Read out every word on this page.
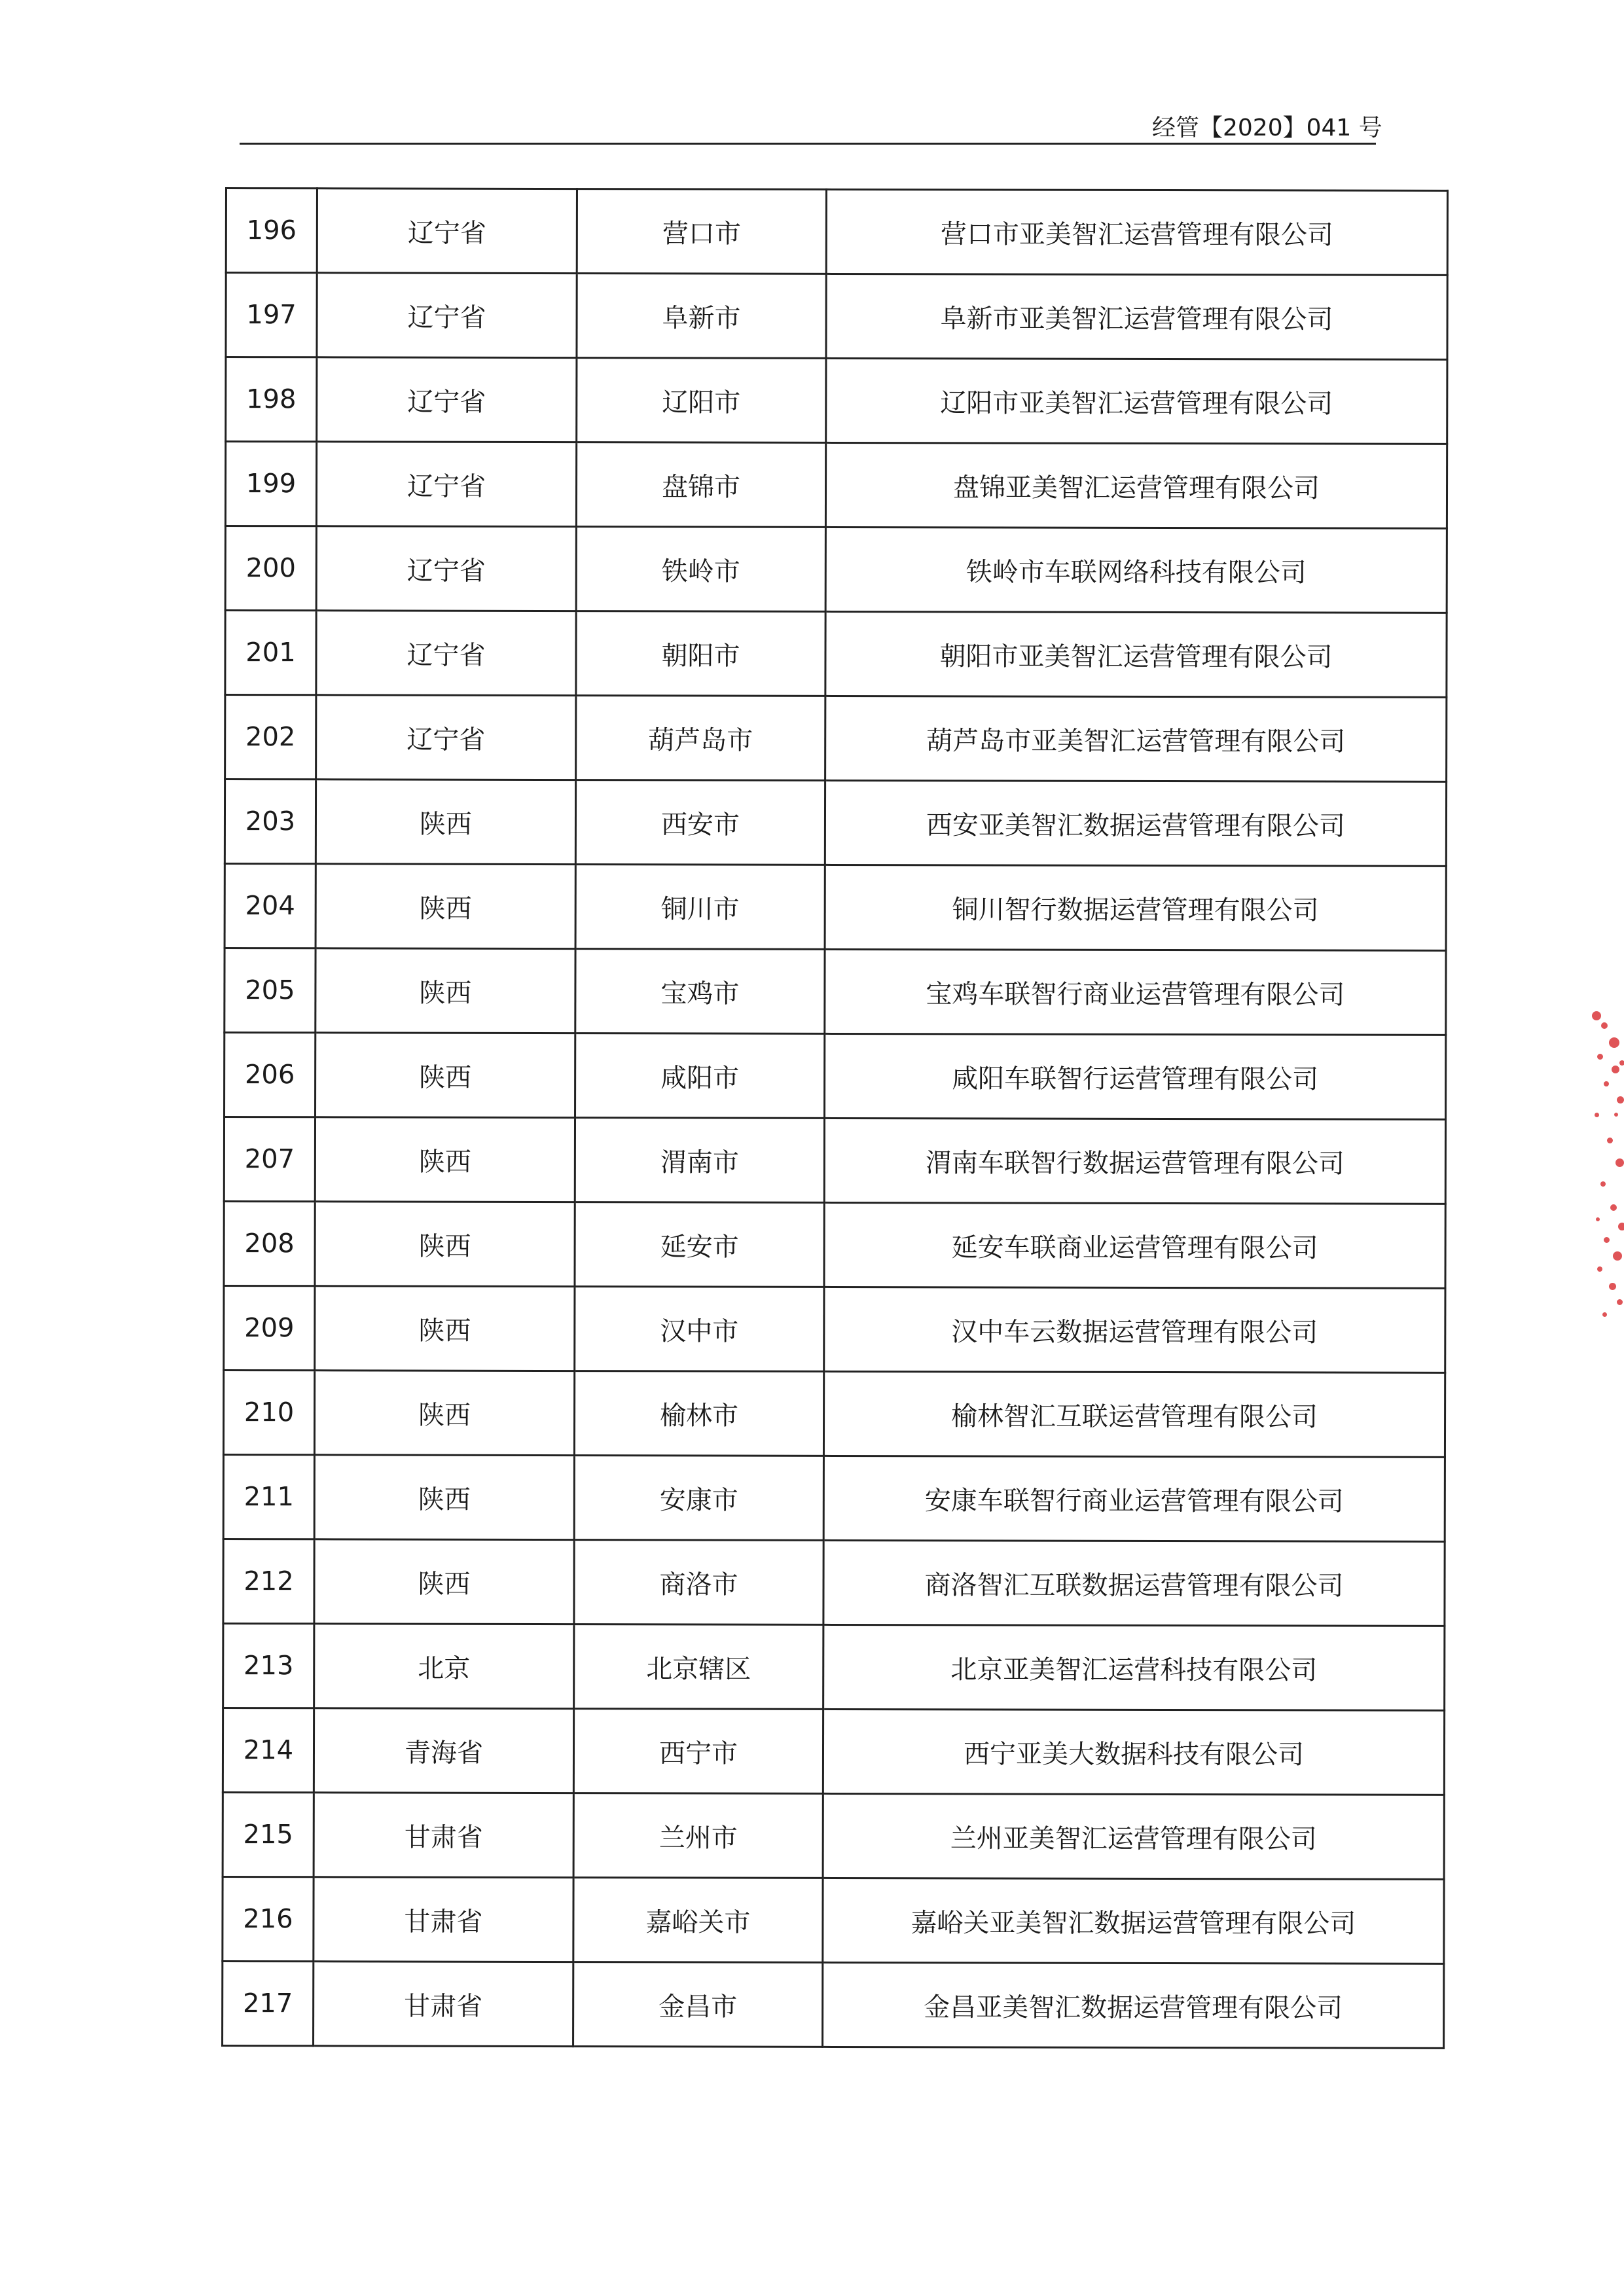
经管【2020】041 号
196	辽宁省	营口市	营口市亚美智汇运营管理有限公司
197	辽宁省	阜新市	阜新市亚美智汇运营管理有限公司
198	辽宁省	辽阳市	辽阳市亚美智汇运营管理有限公司
199	辽宁省	盘锦市	盘锦亚美智汇运营管理有限公司
200	辽宁省	铁岭市	铁岭市车联网络科技有限公司
201	辽宁省	朝阳市	朝阳市亚美智汇运营管理有限公司
202	辽宁省	葫芦岛市	葫芦岛市亚美智汇运营管理有限公司
203	陕西	西安市	西安亚美智汇数据运营管理有限公司
204	陕西	铜川市	铜川智行数据运营管理有限公司
205	陕西	宝鸡市	宝鸡车联智行商业运营管理有限公司
206	陕西	咸阳市	咸阳车联智行运营管理有限公司
207	陕西	渭南市	渭南车联智行数据运营管理有限公司
208	陕西	延安市	延安车联商业运营管理有限公司
209	陕西	汉中市	汉中车云数据运营管理有限公司
210	陕西	榆林市	榆林智汇互联运营管理有限公司
211	陕西	安康市	安康车联智行商业运营管理有限公司
212	陕西	商洛市	商洛智汇互联数据运营管理有限公司
213	北京	北京辖区	北京亚美智汇运营科技有限公司
214	青海省	西宁市	西宁亚美大数据科技有限公司
215	甘肃省	兰州市	兰州亚美智汇运营管理有限公司
216	甘肃省	嘉峪关市	嘉峪关亚美智汇数据运营管理有限公司
217	甘肃省	金昌市	金昌亚美智汇数据运营管理有限公司
